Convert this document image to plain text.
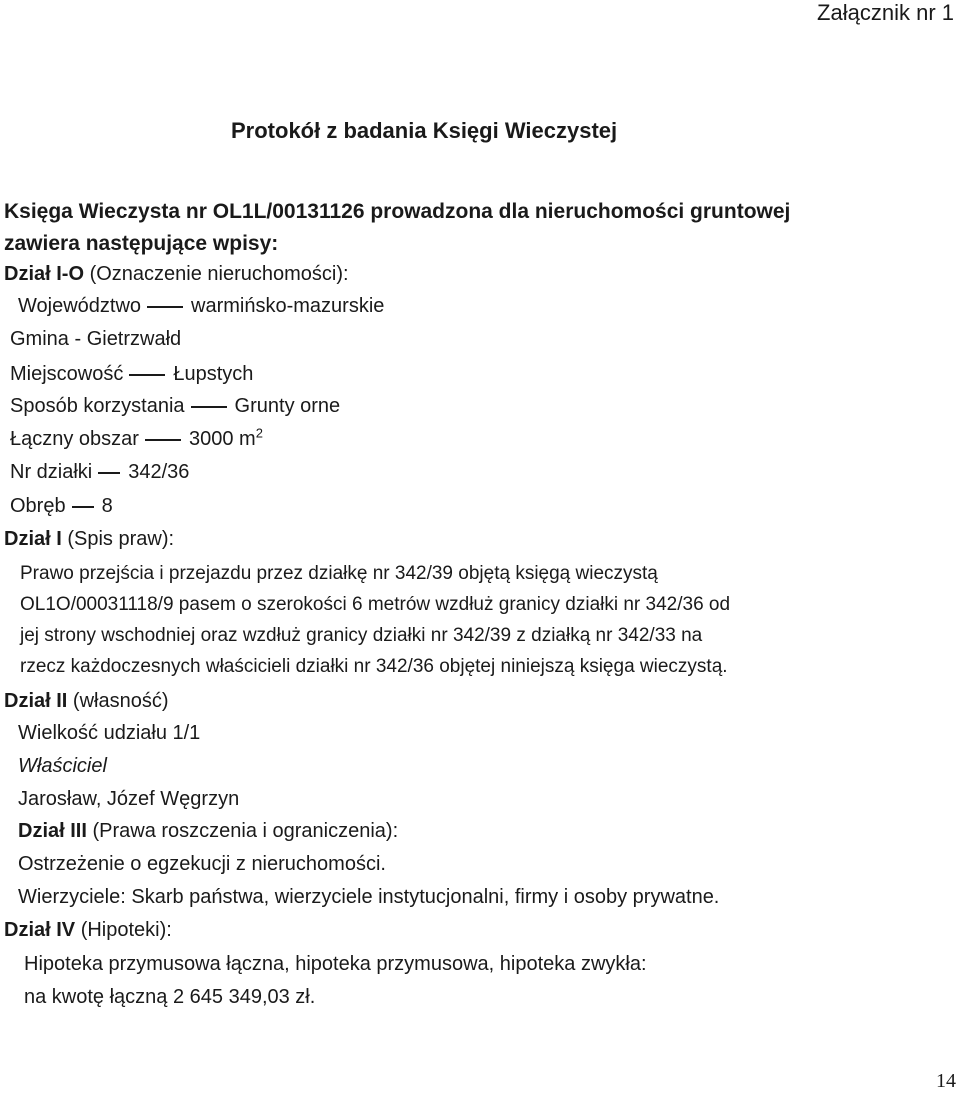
Załącznik nr 1
Protokół z badania Księgi Wieczystej
Księga Wieczysta nr OL1L/00131126 prowadzona dla nieruchomości gruntowej
zawiera następujące wpisy:
Dział I-O (Oznaczenie nieruchomości):
Województwo	warmińsko-mazurskie
Gmina - Gietrzwałd
Miejscowość	Łupstych
Sposób korzystania	Grunty orne
Łączny obszar	3000 $m^2$
Nr działki 342/36
Obręb 8
Dział I (Spis praw):
Prawo przejścia i przejazdu przez działkę nr 342/39 objętą księgą wieczystą
OL1O/00031118/9 pasem o szerokości 6 metrów wzdłuż granicy działki nr 342/36 od
jej strony wschodniej oraz wzdłuż granicy działki nr 342/39 z działką nr 342/33 na
rzecz każdoczesnych właścicieli działki nr 342/36 objętej niniejszą księga wieczystą.
Dział II (własność)
Wielkość udziału 1/1
Właściciel
Jarosław, Józef Węgrzyn
Dział III (Prawa roszczenia i ograniczenia):
Ostrzeżenie o egzekucji z nieruchomości.
Wierzyciele: Skarb państwa, wierzyciele instytucjonalni, firmy i osoby prywatne.
Dział IV (Hipoteki):
Hipoteka przymusowa łączna, hipoteka przymusowa, hipoteka zwykła:
na kwotę łączną 2 645 349,03 zł.
14
